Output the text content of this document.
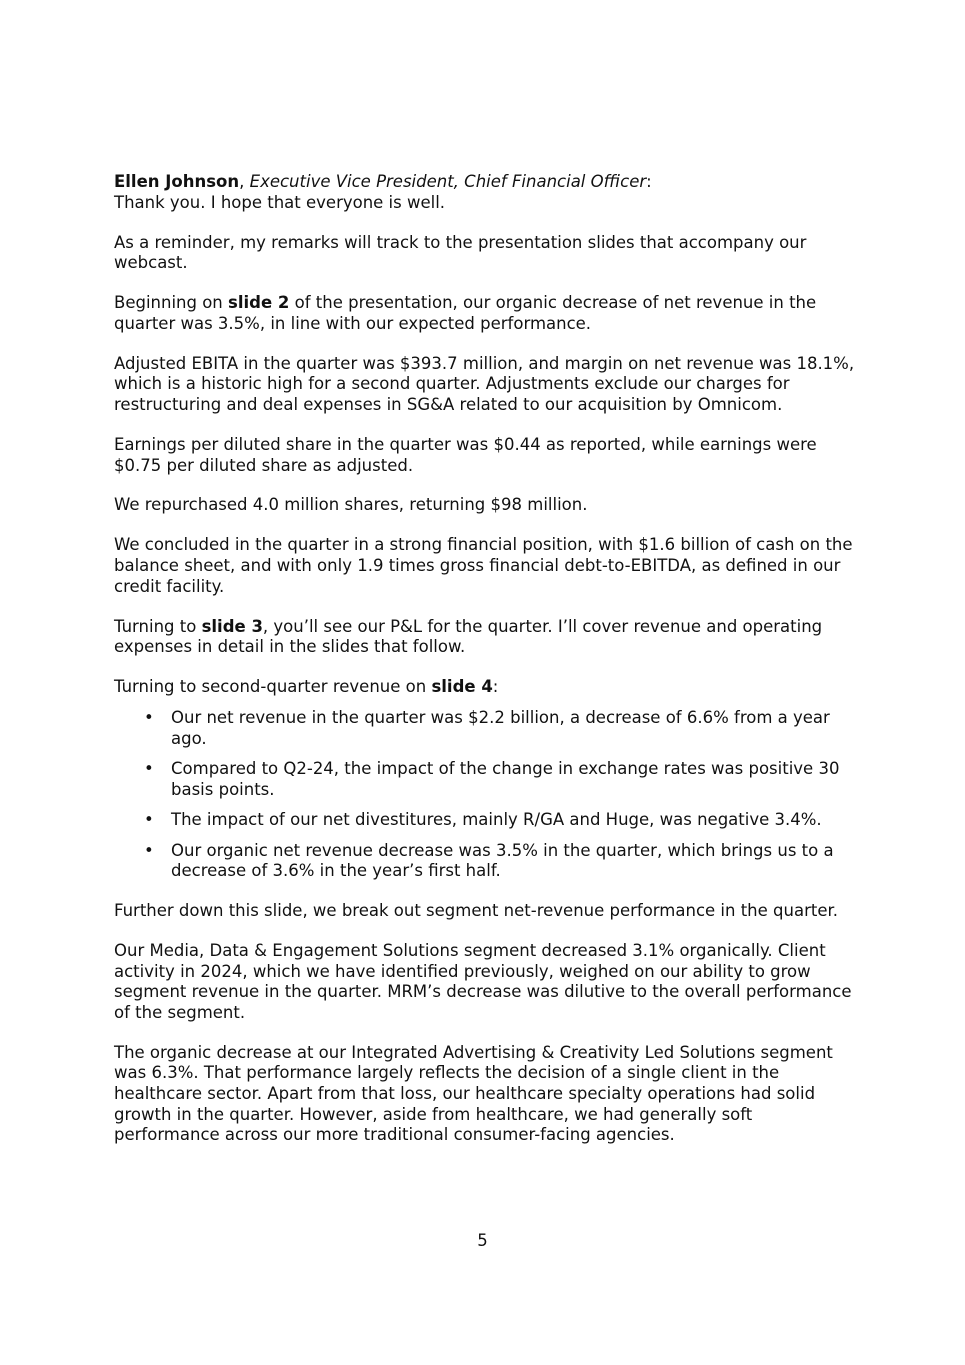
Ellen Johnson, Executive Vice President, Chief Financial Officer:
Thank you. I hope that everyone is well.

As a reminder, my remarks will track to the presentation slides that accompany our webcast.

Beginning on slide 2 of the presentation, our organic decrease of net revenue in the quarter was 3.5%, in line with our expected performance.

Adjusted EBITA in the quarter was $393.7 million, and margin on net revenue was 18.1%, which is a historic high for a second quarter. Adjustments exclude our charges for restructuring and deal expenses in SG&A related to our acquisition by Omnicom.

Earnings per diluted share in the quarter was $0.44 as reported, while earnings were $0.75 per diluted share as adjusted.

We repurchased 4.0 million shares, returning $98 million.

We concluded in the quarter in a strong financial position, with $1.6 billion of cash on the balance sheet, and with only 1.9 times gross financial debt-to-EBITDA, as defined in our credit facility.

Turning to slide 3, you’ll see our P&L for the quarter. I’ll cover revenue and operating expenses in detail in the slides that follow.

Turning to second-quarter revenue on slide 4:

• Our net revenue in the quarter was $2.2 billion, a decrease of 6.6% from a year ago.
• Compared to Q2-24, the impact of the change in exchange rates was positive 30 basis points.
• The impact of our net divestitures, mainly R/GA and Huge, was negative 3.4%.
• Our organic net revenue decrease was 3.5% in the quarter, which brings us to a decrease of 3.6% in the year’s first half.

Further down this slide, we break out segment net-revenue performance in the quarter.

Our Media, Data & Engagement Solutions segment decreased 3.1% organically. Client activity in 2024, which we have identified previously, weighed on our ability to grow segment revenue in the quarter. MRM’s decrease was dilutive to the overall performance of the segment.

The organic decrease at our Integrated Advertising & Creativity Led Solutions segment was 6.3%. That performance largely reflects the decision of a single client in the healthcare sector. Apart from that loss, our healthcare specialty operations had solid growth in the quarter. However, aside from healthcare, we had generally soft performance across our more traditional consumer-facing agencies.

5
